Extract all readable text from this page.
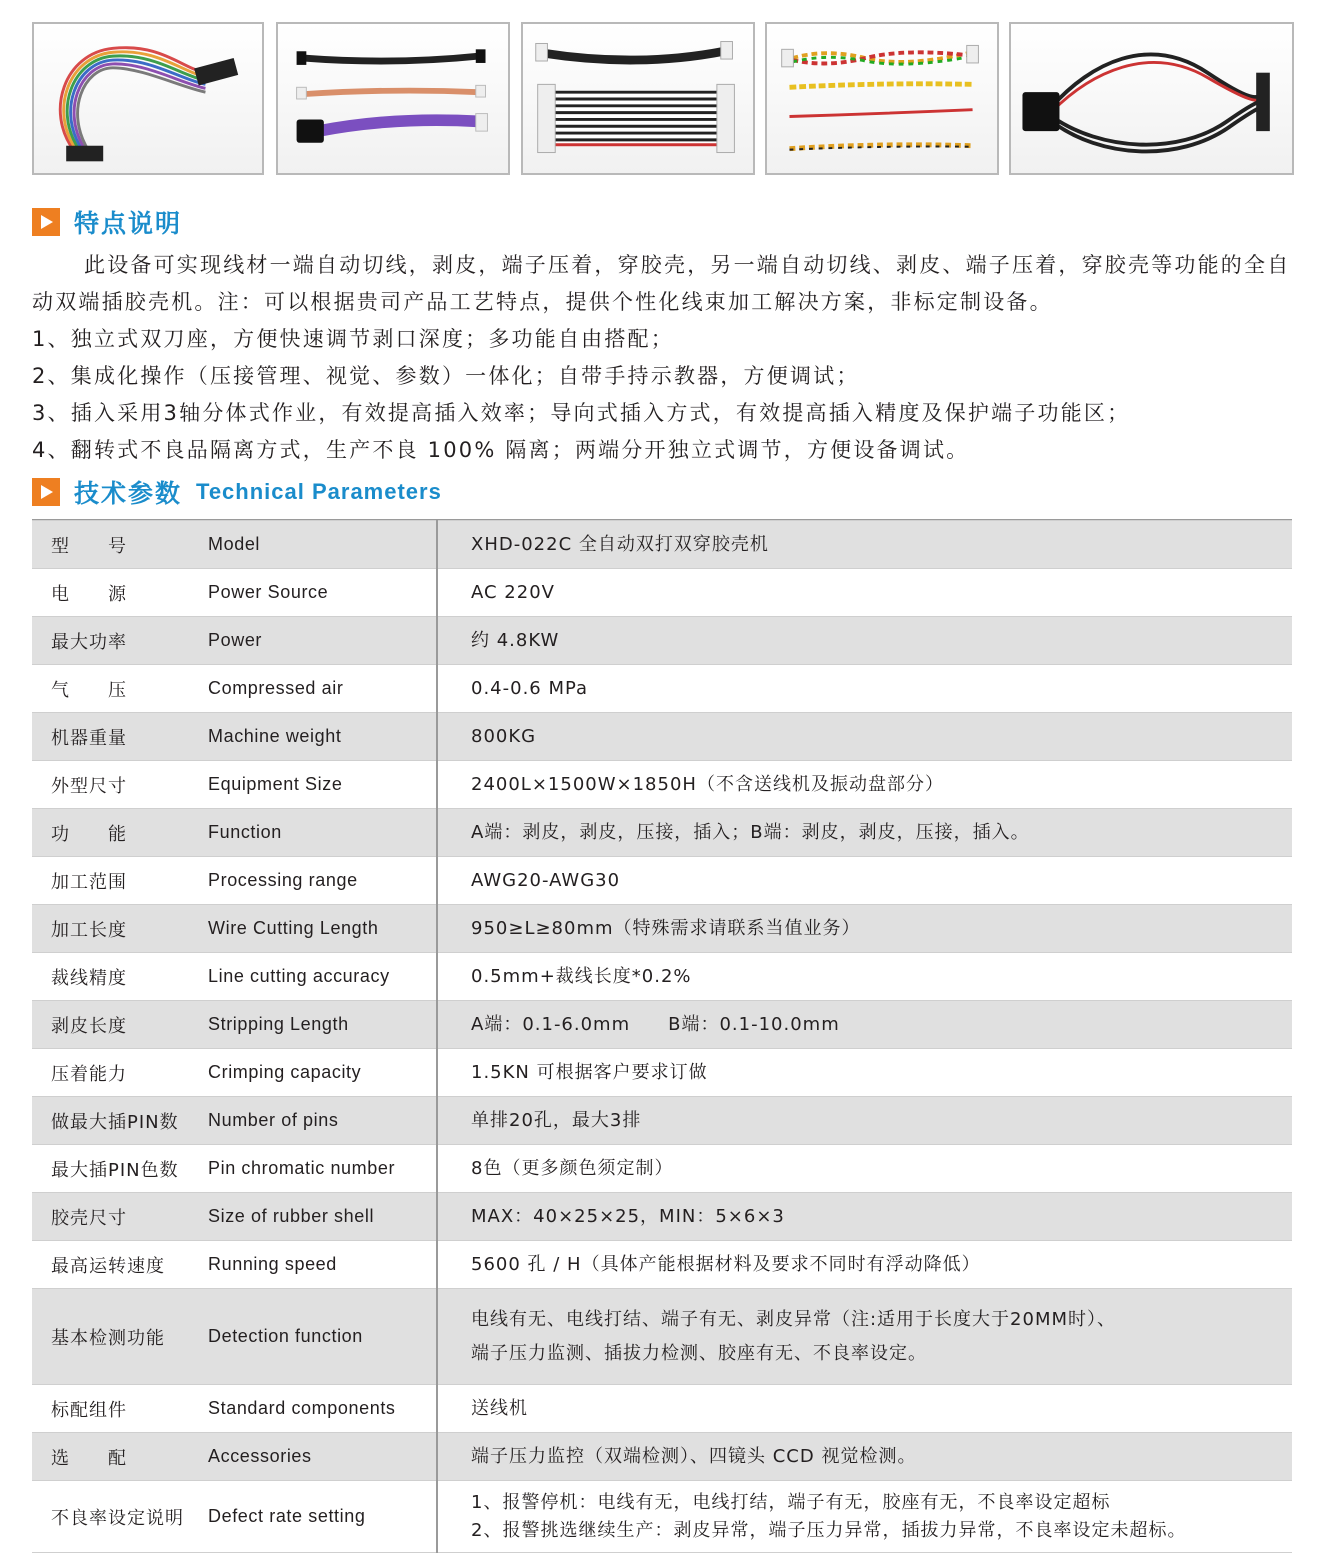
特点说明

此设备可实现线材一端自动切线，剥皮，端子压着，穿胶壳，另一端自动切线、剥皮、端子压着，穿胶壳等功能的全自动双端插胶壳机。注：可以根据贵司产品工艺特点，提供个性化线束加工解决方案，非标定制设备。

1、独立式双刀座，方便快速调节剥口深度；多功能自由搭配；

2、集成化操作（压接管理、视觉、参数）一体化；自带手持示教器，方便调试；

3、插入采用3轴分体式作业，有效提高插入效率；导向式插入方式，有效提高插入精度及保护端子功能区；

4、翻转式不良品隔离方式，生产不良 100% 隔离；两端分开独立式调节，方便设备调试。

技术参数 Technical Parameters
型　　号	Model	XHD-022C 全自动双打双穿胶壳机
电　　源	Power Source	AC 220V
最大功率	Power	约 4.8KW
气　　压	Compressed air	0.4-0.6 MPa
机器重量	Machine weight	800KG
外型尺寸	Equipment Size	2400L×1500W×1850H（不含送线机及振动盘部分）
功　　能	Function	A端：剥皮，剥皮，压接，插入；B端：剥皮，剥皮，压接，插入。
加工范围	Processing range	AWG20-AWG30
加工长度	Wire Cutting Length	950≥L≥80mm（特殊需求请联系当值业务）
裁线精度	Line cutting accuracy	0.5mm+裁线长度*0.2%
剥皮长度	Stripping Length	A端：0.1-6.0mm　　B端：0.1-10.0mm
压着能力	Crimping capacity	1.5KN 可根据客户要求订做
做最大插PIN数	Number of pins	单排20孔，最大3排
最大插PIN色数	Pin chromatic number	8色（更多颜色须定制）
胶壳尺寸	Size of rubber shell	MAX：40×25×25，MIN：5×6×3
最高运转速度	Running speed	5600 孔 / H（具体产能根据材料及要求不同时有浮动降低）
基本检测功能	Detection function	电线有无、电线打结、端子有无、剥皮异常（注:适用于长度大于20MM时）、
端子压力监测、插拔力检测、胶座有无、不良率设定。

标配组件	Standard components	送线机
选　　配	Accessories	端子压力监控（双端检测）、四镜头 CCD 视觉检测。
不良率设定说明	Defect rate setting	1、报警停机：电线有无，电线打结，端子有无，胶座有无，不良率设定超标
2、报警挑选继续生产：剥皮异常，端子压力异常，插拔力异常，不良率设定未超标。
